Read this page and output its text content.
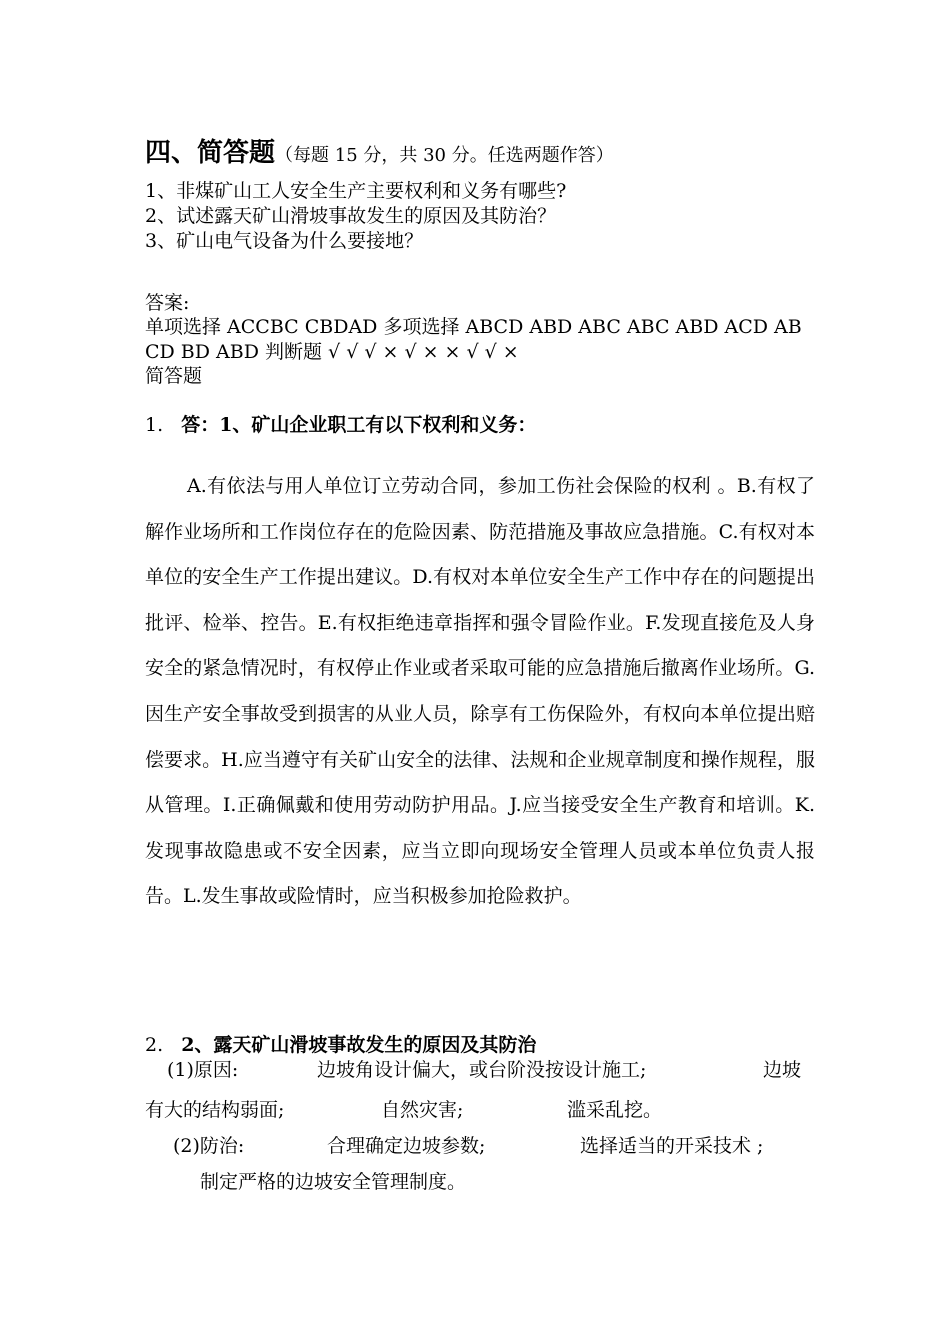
四、简答题（每题 15 分，共 30 分。任选两题作答）
1、非煤矿山工人安全生产主要权利和义务有哪些?
2、试述露天矿山滑坡事故发生的原因及其防治？
3、矿山电气设备为什么要接地？
答案:
单项选择 ACCBC CBDAD 多项选择 ABCD ABD ABC ABC ABD ACD AB
CD BD ABD 判断题 √ √ √ × √ × × √ √ ×
简答题
1. 答：1、矿山企业职工有以下权利和义务：
A.有依法与用人单位订立劳动合同，参加工伤社会保险的权利 。B.有权了解作业场所和工作岗位存在的危险因素、防范措施及事故应急措施。C.有权对本单位的安全生产工作提出建议。D.有权对本单位安全生产工作中存在的问题提出批评、检举、控告。E.有权拒绝违章指挥和强令冒险作业。F.发现直接危及人身安全的紧急情况时，有权停止作业或者采取可能的应急措施后撤离作业场所。G.因生产安全事故受到损害的从业人员，除享有工伤保险外，有权向本单位提出赔偿要求。H.应当遵守有关矿山安全的法律、法规和企业规章制度和操作规程，服从管理。I.正确佩戴和使用劳动防护用品。J.应当接受安全生产教育和培训。K.发现事故隐患或不安全因素，应当立即向现场安全管理人员或本单位负责人报告。L.发生事故或险情时，应当积极参加抢险救护。
2. 2、露天矿山滑坡事故发生的原因及其防治
(1)原因:	边坡角设计偏大，或台阶没按设计施工;	边坡
有大的结构弱面;	自然灾害;	滥采乱挖。
(2)防治:	合理确定边坡参数;	选择适当的开采技术 ;
制定严格的边坡安全管理制度。
